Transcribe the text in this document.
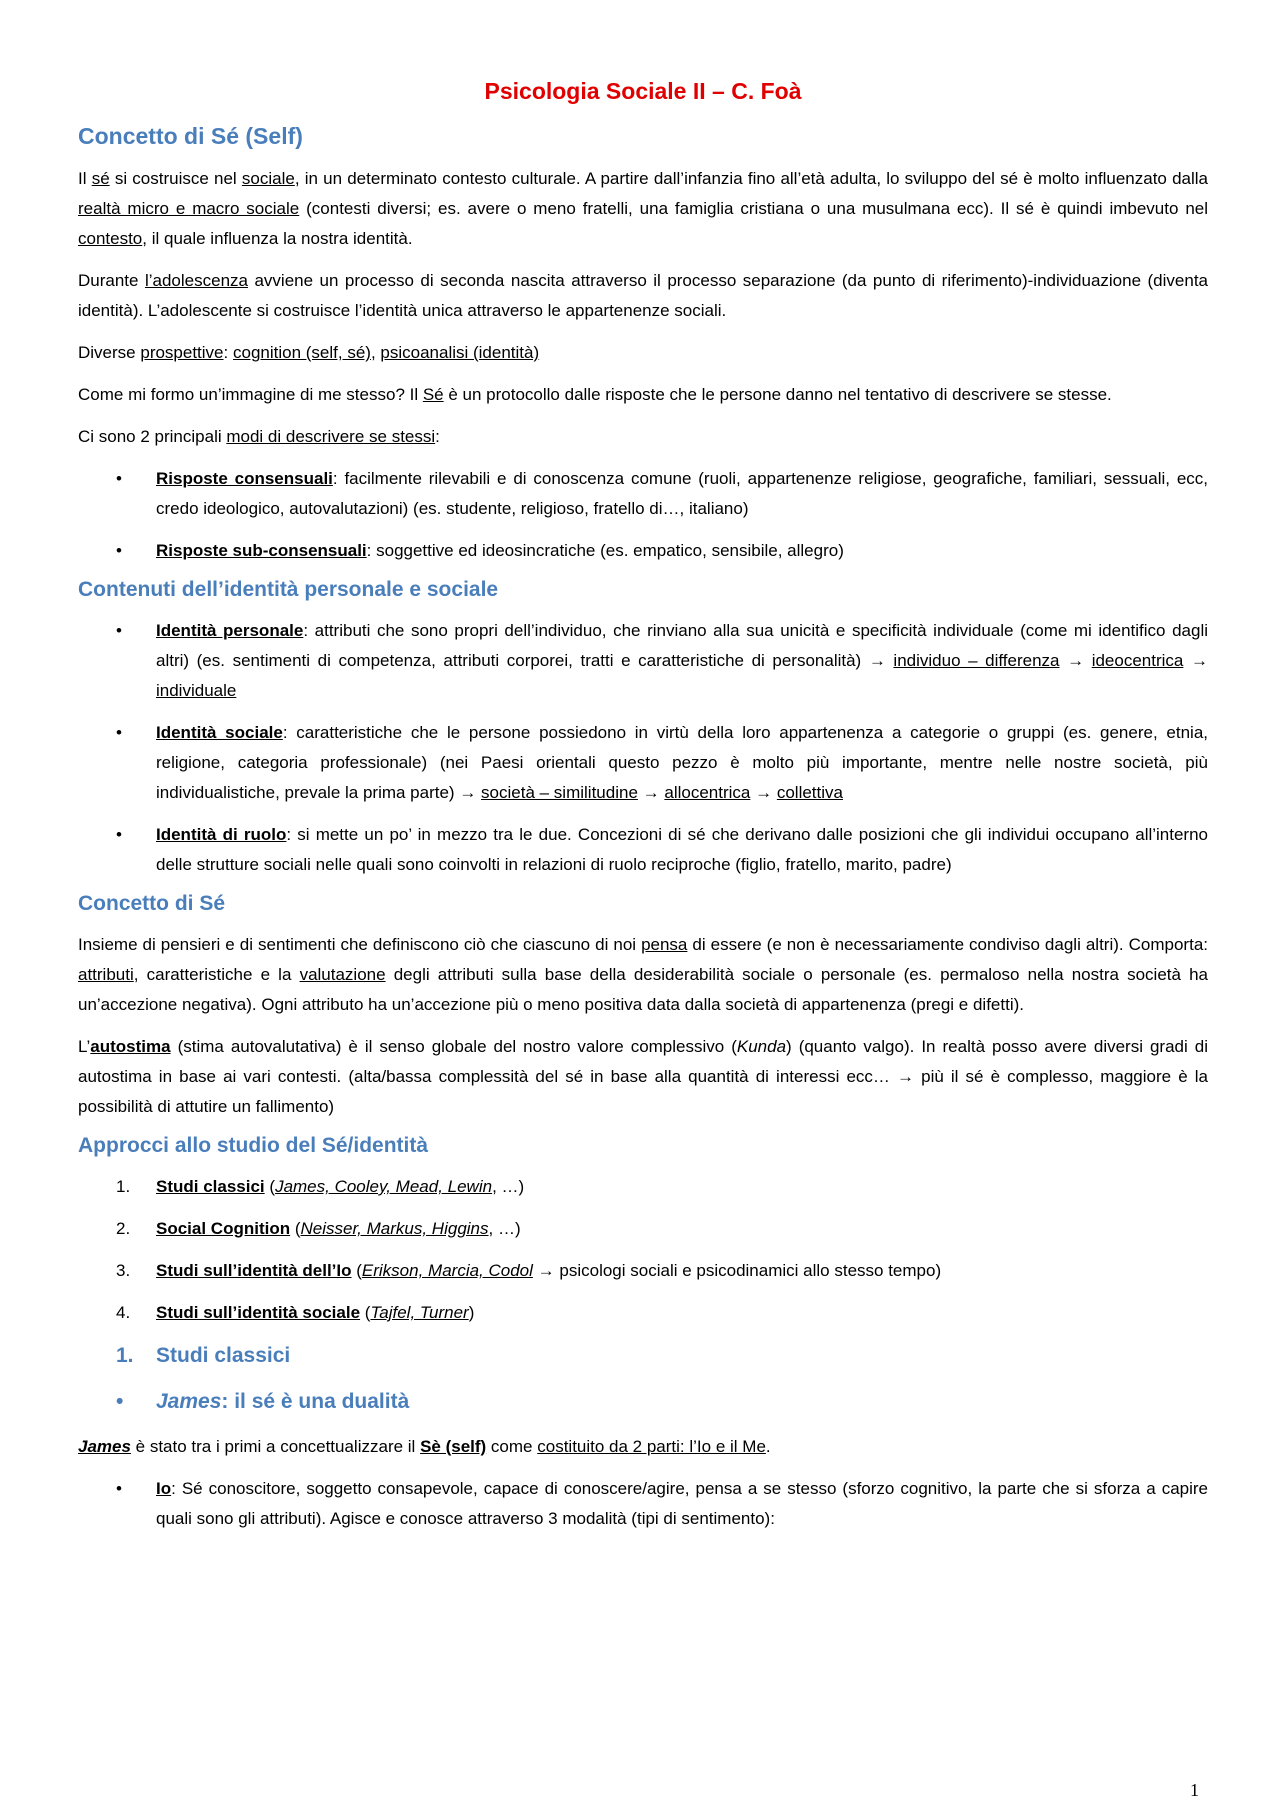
Psicologia Sociale II – C. Foà
Concetto di Sé (Self)

Il sé si costruisce nel sociale, in un determinato contesto culturale. A partire dall’infanzia fino all’età adulta, lo sviluppo del sé è molto influenzato dalla realtà micro e macro sociale (contesti diversi; es. avere o meno fratelli, una famiglia cristiana o una musulmana ecc). Il sé è quindi imbevuto nel contesto, il quale influenza la nostra identità.

Durante l’adolescenza avviene un processo di seconda nascita attraverso il processo separazione (da punto di riferimento)-individuazione (diventa identità). L’adolescente si costruisce l’identità unica attraverso le appartenenze sociali.

Diverse prospettive: cognition (self, sé), psicoanalisi (identità)

Come mi formo un’immagine di me stesso? Il Sé è un protocollo dalle risposte che le persone danno nel tentativo di descrivere se stesse.

Ci sono 2 principali modi di descrivere se stessi:

• Risposte consensuali: facilmente rilevabili e di conoscenza comune (ruoli, appartenenze religiose, geografiche, familiari, sessuali, ecc, credo ideologico, autovalutazioni) (es. studente, religioso, fratello di…, italiano)
• Risposte sub-consensuali: soggettive ed ideosincratiche (es. empatico, sensibile, allegro)
Contenuti dell’identità personale e sociale
• Identità personale: attributi che sono propri dell’individuo, che rinviano alla sua unicità e specificità individuale (come mi identifico dagli altri) (es. sentimenti di competenza, attributi corporei, tratti e caratteristiche di personalità) → individuo – differenza → ideocentrica → individuale
• Identità sociale: caratteristiche che le persone possiedono in virtù della loro appartenenza a categorie o gruppi (es. genere, etnia, religione, categoria professionale) (nei Paesi orientali questo pezzo è molto più importante, mentre nelle nostre società, più individualistiche, prevale la prima parte) → società – similitudine → allocentrica → collettiva
• Identità di ruolo: si mette un po’ in mezzo tra le due. Concezioni di sé che derivano dalle posizioni che gli individui occupano all’interno delle strutture sociali nelle quali sono coinvolti in relazioni di ruolo reciproche (figlio, fratello, marito, padre)
Concetto di Sé

Insieme di pensieri e di sentimenti che definiscono ciò che ciascuno di noi pensa di essere (e non è necessariamente condiviso dagli altri). Comporta: attributi, caratteristiche e la valutazione degli attributi sulla base della desiderabilità sociale o personale (es. permaloso nella nostra società ha un’accezione negativa). Ogni attributo ha un’accezione più o meno positiva data dalla società di appartenenza (pregi e difetti).

L’autostima (stima autovalutativa) è il senso globale del nostro valore complessivo (Kunda) (quanto valgo). In realtà posso avere diversi gradi di autostima in base ai vari contesti. (alta/bassa complessità del sé in base alla quantità di interessi ecc… → più il sé è complesso, maggiore è la possibilità di attutire un fallimento)

Approcci allo studio del Sé/identità
1. Studi classici (James, Cooley, Mead, Lewin, …)
2. Social Cognition (Neisser, Markus, Higgins, …)
3. Studi sull’identità dell’Io (Erikson, Marcia, Codol → psicologi sociali e psicodinamici allo stesso tempo)
4. Studi sull’identità sociale (Tajfel, Turner)
1. Studi classici
• James: il sé è una dualità

James è stato tra i primi a concettualizzare il Sè (self) come costituito da 2 parti: l’Io e il Me.

• Io: Sé conoscitore, soggetto consapevole, capace di conoscere/agire, pensa a se stesso (sforzo cognitivo, la parte che si sforza a capire quali sono gli attributi). Agisce e conosce attraverso 3 modalità (tipi di sentimento):
1
